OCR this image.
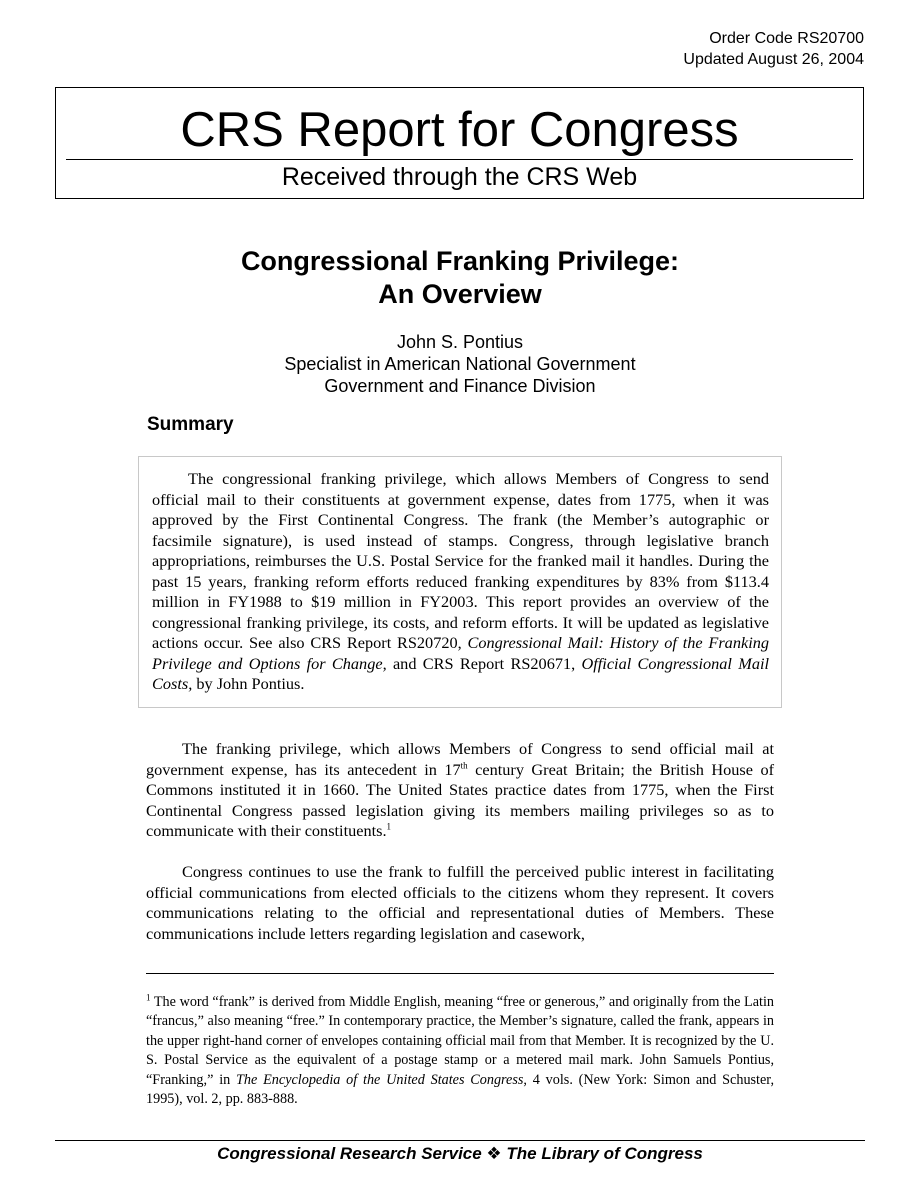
Order Code RS20700
Updated August 26, 2004
CRS Report for Congress
Received through the CRS Web
Congressional Franking Privilege:
An Overview
John S. Pontius
Specialist in American National Government
Government and Finance Division
Summary

The congressional franking privilege, which allows Members of Congress to send official mail to their constituents at government expense, dates from 1775, when it was approved by the First Continental Congress. The frank (the Member’s autographic or facsimile signature), is used instead of stamps. Congress, through legislative branch appropriations, reimburses the U.S. Postal Service for the franked mail it handles. During the past 15 years, franking reform efforts reduced franking expenditures by 83% from $113.4 million in FY1988 to $19 million in FY2003. This report provides an overview of the congressional franking privilege, its costs, and reform efforts. It will be updated as legislative actions occur. See also CRS Report RS20720, Congressional Mail: History of the Franking Privilege and Options for Change, and CRS Report RS20671, Official Congressional Mail Costs, by John Pontius.

The franking privilege, which allows Members of Congress to send official mail at government expense, has its antecedent in 17th century Great Britain; the British House of Commons instituted it in 1660. The United States practice dates from 1775, when the First Continental Congress passed legislation giving its members mailing privileges so as to communicate with their constituents.$^1$

Congress continues to use the frank to fulfill the perceived public interest in facilitating official communications from elected officials to the citizens whom they represent. It covers communications relating to the official and representational duties of Members. These communications include letters regarding legislation and casework,

$^1$ The word “frank” is derived from Middle English, meaning “free or generous,” and originally from the Latin “francus,” also meaning “free.” In contemporary practice, the Member’s signature, called the frank, appears in the upper right-hand corner of envelopes containing official mail from that Member. It is recognized by the U. S. Postal Service as the equivalent of a postage stamp or a metered mail mark. John Samuels Pontius, “Franking,” in The Encyclopedia of the United States Congress, 4 vols. (New York: Simon and Schuster, 1995), vol. 2, pp. 883-888.

Congressional Research Service ❖ The Library of Congress
